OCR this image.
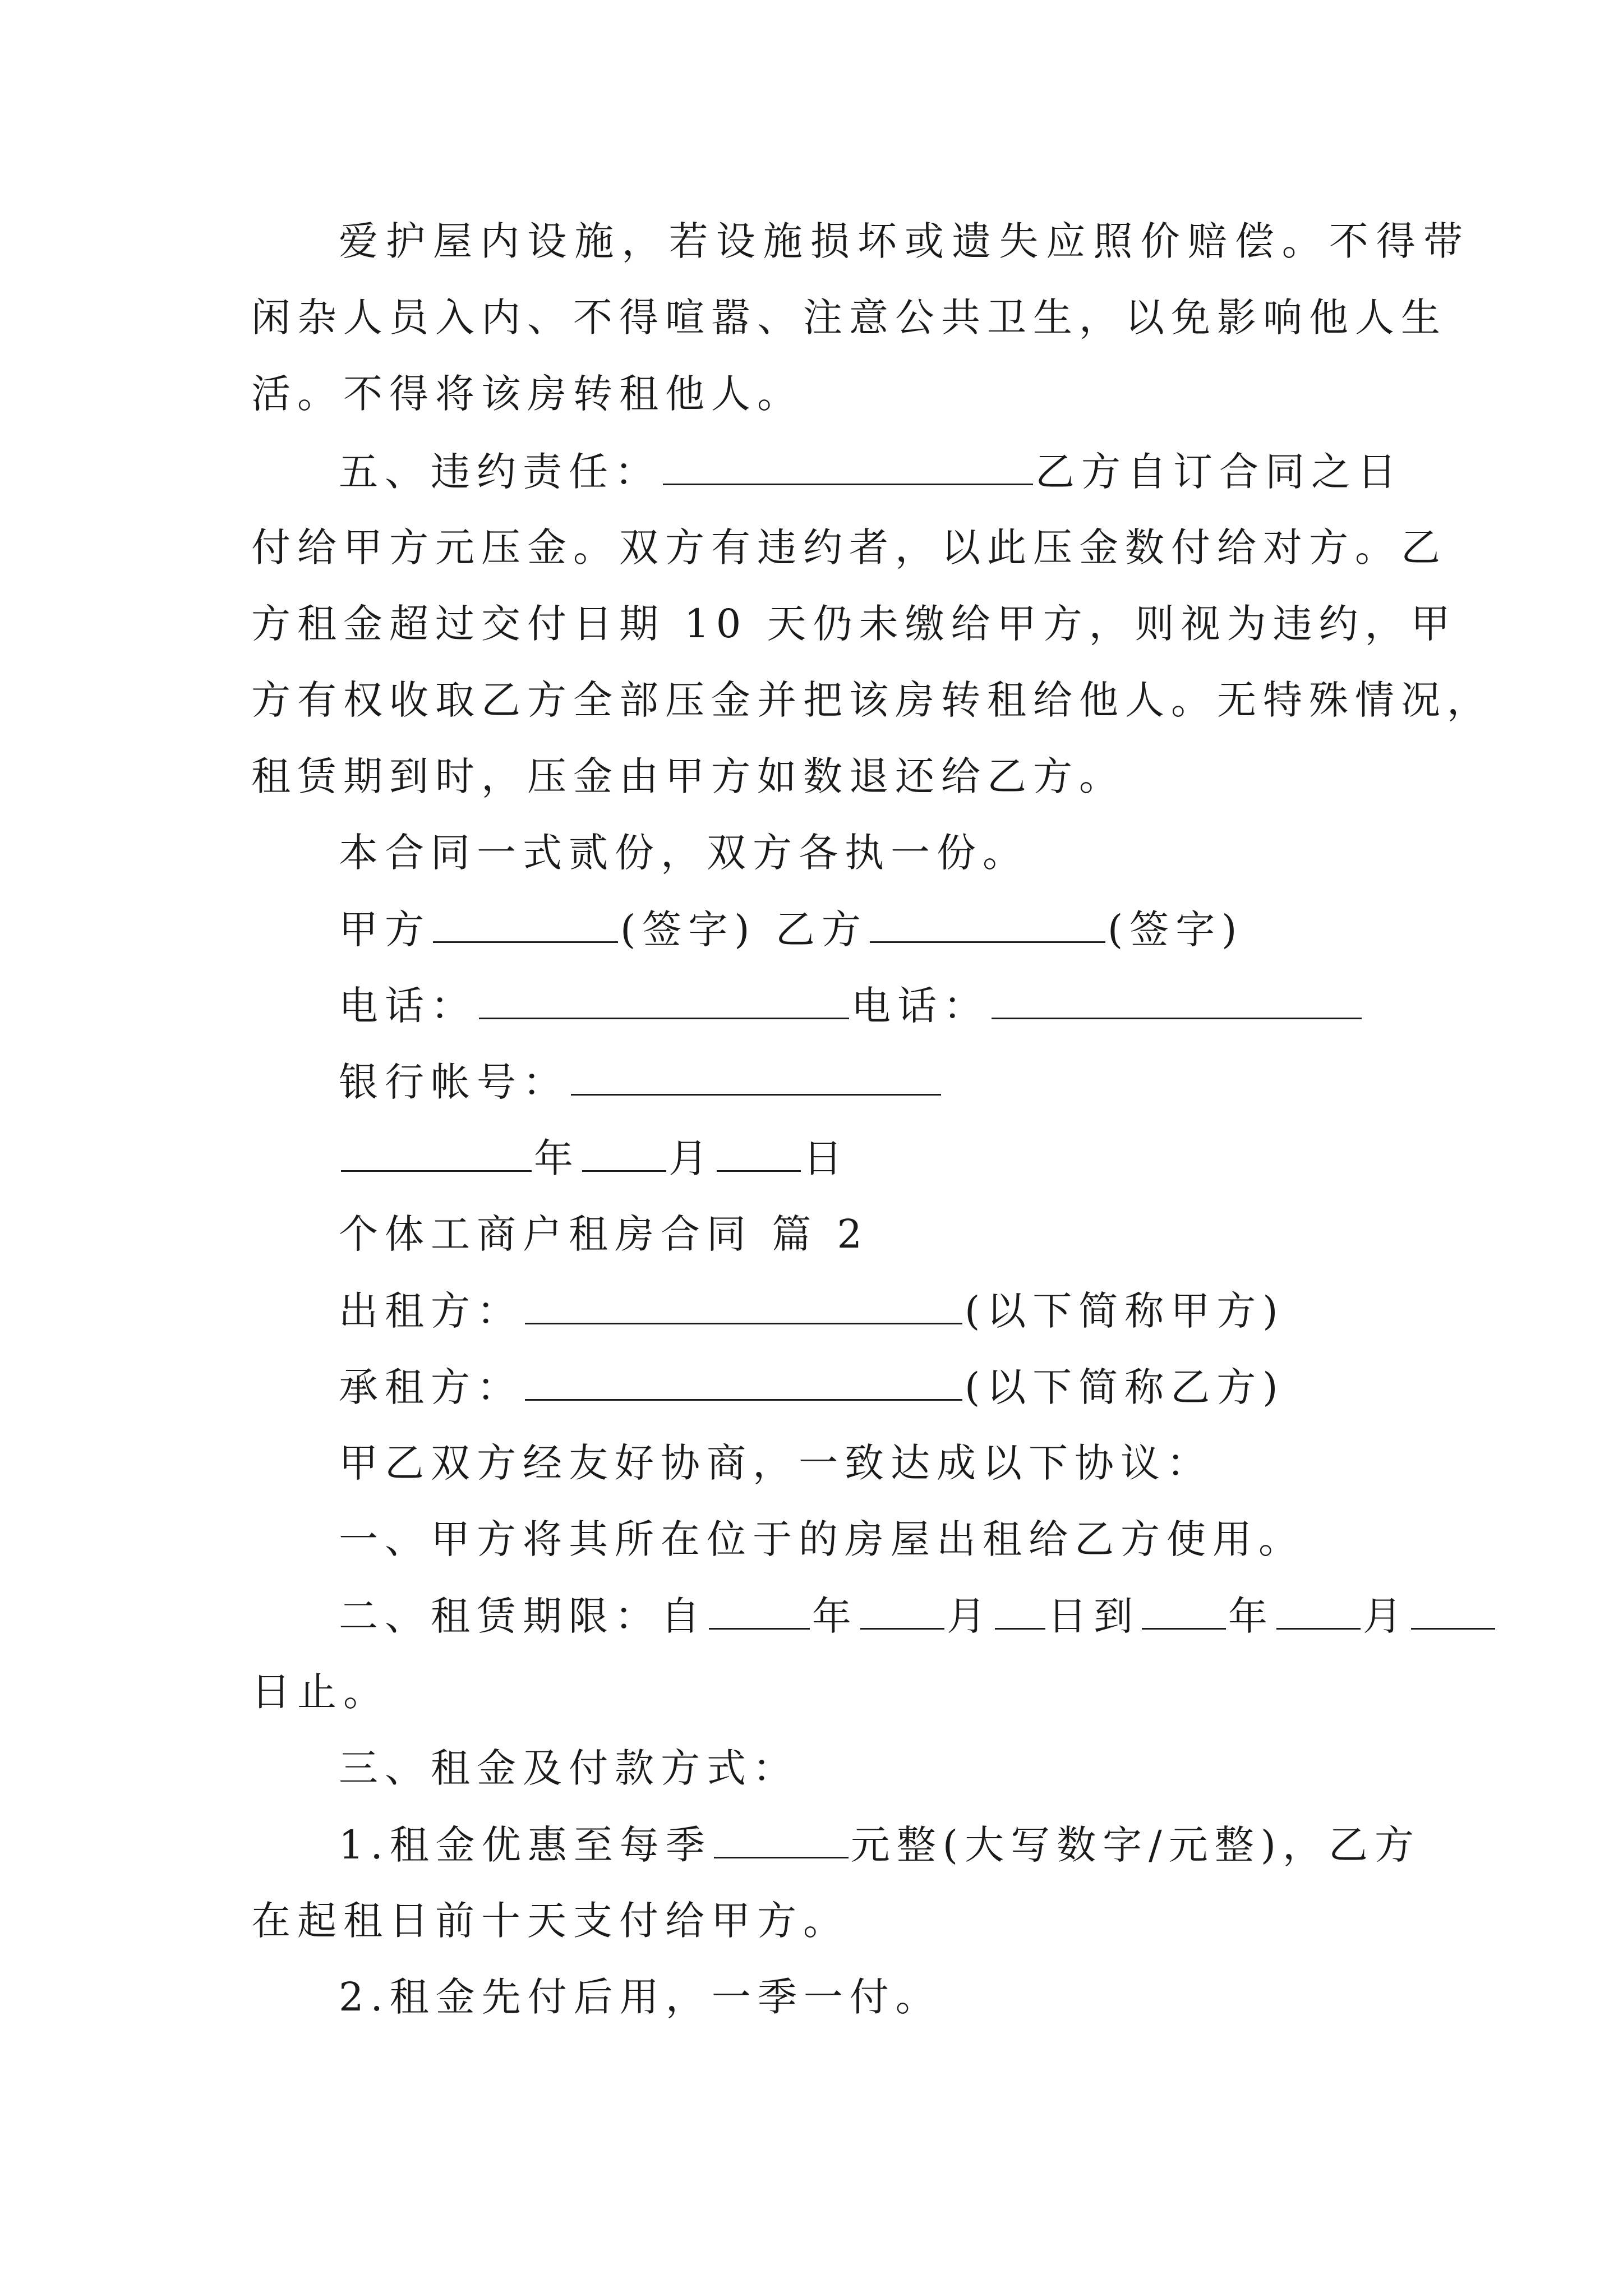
爱护屋内设施，若设施损坏或遗失应照价赔偿。不得带
闲杂人员入内、不得喧嚣、注意公共卫生，以免影响他人生
活。不得将该房转租他人。
五、违约责任：	乙方自订合同之日
付给甲方元压金。双方有违约者，以此压金数付给对方。乙
方租金超过交付日期 10 天仍未缴给甲方，则视为违约，甲
方有权收取乙方全部压金并把该房转租给他人。无特殊情况，
租赁期到时，压金由甲方如数退还给乙方。
本合同一式贰份，双方各执一份。
甲方	(签字) 乙方	(签字)
电话：	电话：
银行帐号：
年 月 日
个体工商户租房合同 篇 2
出租方：	(以下简称甲方)
承租方：	(以下简称乙方)
甲乙双方经友好协商，一致达成以下协议：
一、甲方将其所在位于的房屋出租给乙方使用。
二、租赁期限：自	年 月 日到 年 月
日止。
三、租金及付款方式：
1.租金优惠至每季	元整(大写数字/元整)，乙方
在起租日前十天支付给甲方。
2.租金先付后用，一季一付。
